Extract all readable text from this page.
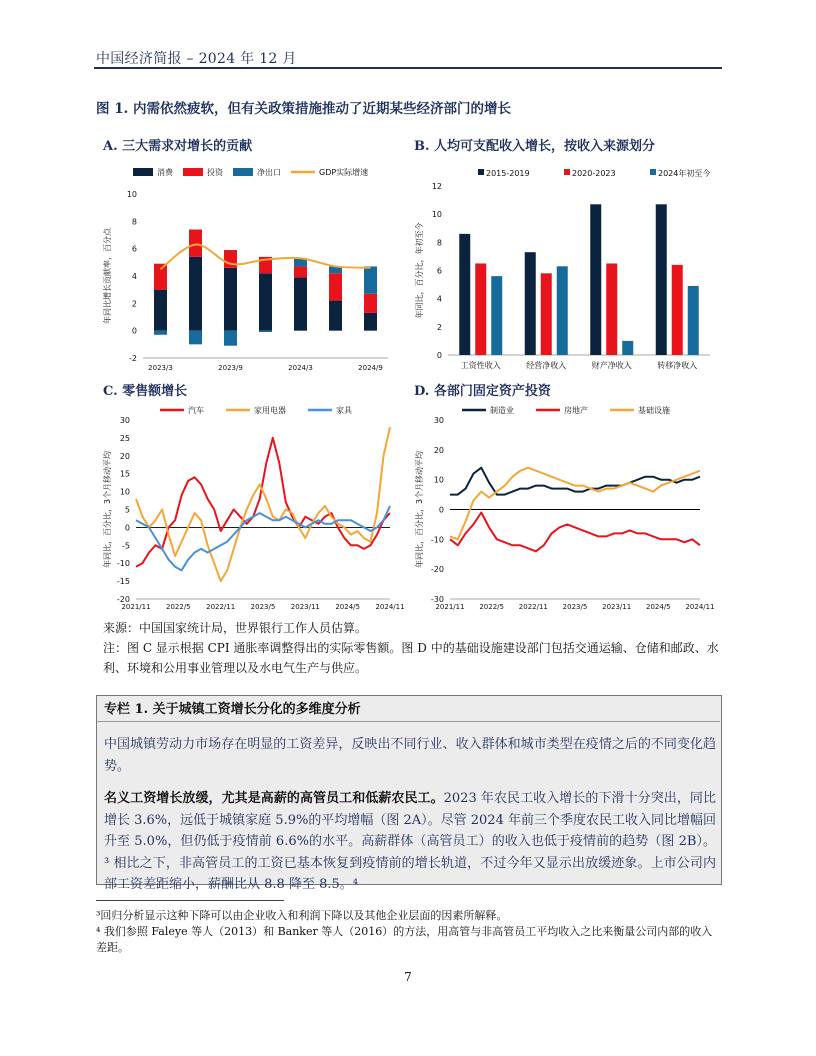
中国经济简报 – 2024 年 12 月
图 1. 内需依然疲软，但有关政策措施推动了近期某些经济部门的增长
A. 三大需求对增长的贡献	B. 人均可支配收入增长，按收入来源划分
C. 零售额增长	D. 各部门固定资产投资
消费	投资	净出口	GDP实际增速
10
8
6
4
2
0
-2
年同比增长贡献率，百分点
2023/3	2023/9	2024/3	2024/9
2015-2019	2020-2023	2024年初至今
12
10
8
6
4
2
0
年同比，百分比，年初至今
工资性收入	经营净收入	财产净收入	转移净收入
汽车	家用电器	家具
30
25
20
15
10
5
0
-5
-10
-15
-20
年同比，百分比，3个月移动平均
2021/11 2022/5 2022/11 2023/5 2023/11 2024/5 2024/11
制造业	房地产	基础设施
30
20
10
0
-10
-20
-30
年同比，百分比，3个月移动平均
2021/11 2022/5 2022/11 2023/5 2023/11 2024/5 2024/11
来源：中国国家统计局，世界银行工作人员估算。
注：图 C 显示根据 CPI 通胀率调整得出的实际零售额。图 D 中的基础设施建设部门包括交通运输、仓储和邮政、水利、环境和公用事业管理以及水电气生产与供应。
专栏 1. 关于城镇工资增长分化的多维度分析
中国城镇劳动力市场存在明显的工资差异，反映出不同行业、收入群体和城市类型在疫情之后的不同变化趋势。
名义工资增长放缓，尤其是高薪的高管员工和低薪农民工。2023 年农民工收入增长的下滑十分突出，同比增长 3.6%，远低于城镇家庭 5.9%的平均增幅（图 2A）。尽管 2024 年前三个季度农民工收入同比增幅回升至 5.0%，但仍低于疫情前 6.6%的水平。高薪群体（高管员工）的收入也低于疫情前的趋势（图 2B）。³ 相比之下，非高管员工的工资已基本恢复到疫情前的增长轨道，不过今年又显示出放缓迹象。上市公司内部工资差距缩小，薪酬比从 8.8 降至 8.5。⁴
³回归分析显示这种下降可以由企业收入和利润下降以及其他企业层面的因素所解释。
⁴ 我们参照 Faleye 等人（2013）和 Banker 等人（2016）的方法，用高管与非高管员工平均收入之比来衡量公司内部的收入差距。
7
